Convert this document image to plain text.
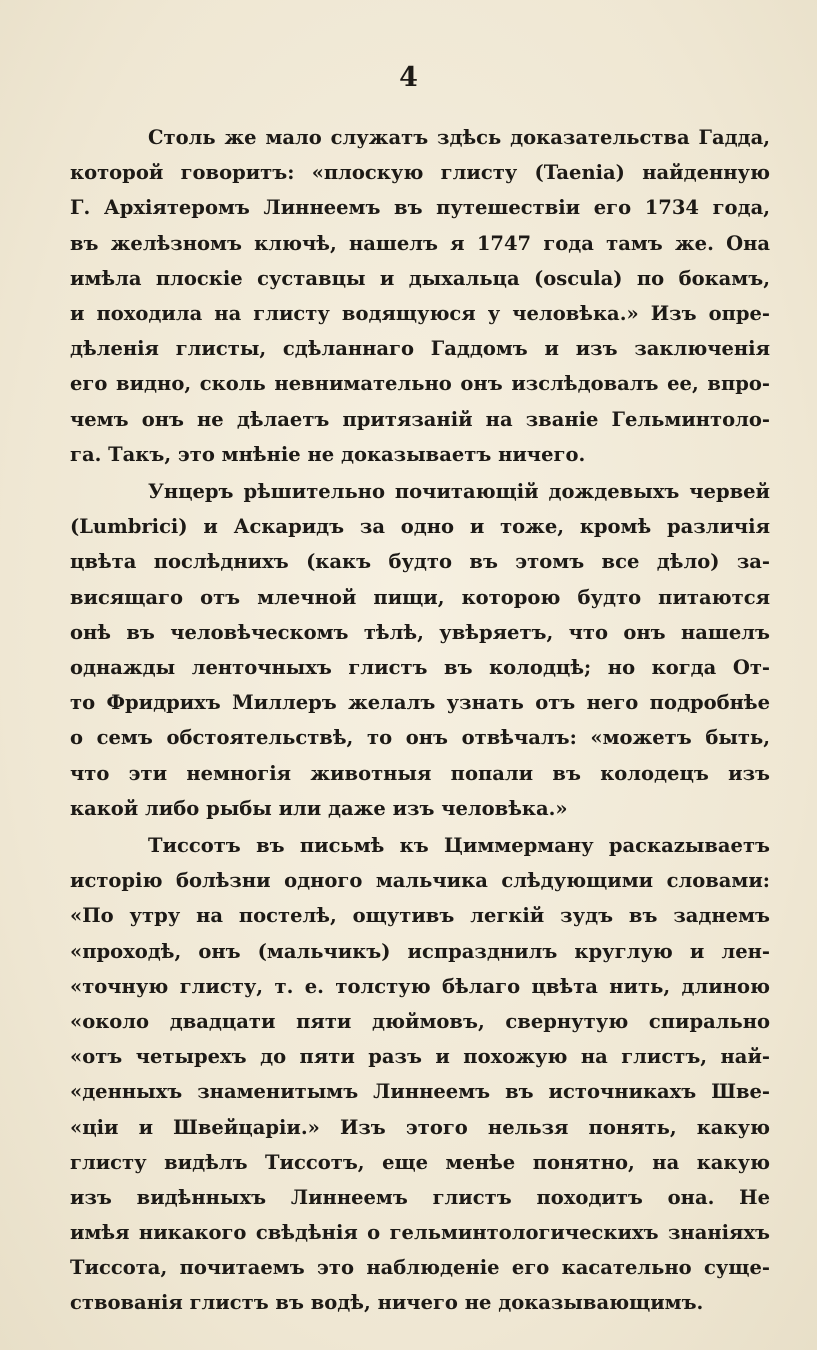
4
Столь же мало служатъ здѣсь доказательства Гадда,
которой говоритъ: «плоскую глисту (Taenia) найденную
Г. Архіятеромъ Линнеемъ въ путешествіи его 1734 года,
въ желѣзномъ ключѣ, нашелъ я 1747 года тамъ же. Она
имѣла плоскіе суставцы и дыхальца (oscula) по бокамъ,
и походила на глисту водящуюся у человѣка.» Изъ опре-
дѣленія глисты, сдѣланнаго Гаддомъ и изъ заключенія
его видно, сколь невнимательно онъ изслѣдовалъ ее, впро-
чемъ онъ не дѣлаетъ притязаній на званіе Гельминтоло-
га. Такъ, это мнѣніе не доказываетъ ничего.
Унцеръ рѣшительно почитающій дождевыхъ червей
(Lumbrici) и Аскаридъ за одно и тоже, кромѣ различія
цвѣта послѣднихъ (какъ будто въ этомъ все дѣло) за-
висящаго отъ млечной пищи, которою будто питаются
онѣ въ человѣческомъ тѣлѣ, увѣряетъ, что онъ нашелъ
однажды ленточныхъ глистъ въ колодцѣ; но когда От-
то Фридрихъ Миллеръ желалъ узнать отъ него подробнѣе
о семъ обстоятельствѣ, то онъ отвѣчалъ: «можетъ быть,
что эти немногія животныя попали въ колодецъ изъ
какой либо рыбы или даже изъ человѣка.»
Тиссотъ въ письмѣ къ Циммерману раскazываетъ
исторію болѣзни одного мальчика слѣдующими словами:
«По утру на постелѣ, ощутивъ легкій зудъ въ заднемъ
«проходѣ, онъ (мальчикъ) испразднилъ круглую и лен-
«точную глисту, т. е. толстую бѣлаго цвѣта нить, длиною
«около двадцати пяти дюймовъ, свернутую спирально
«отъ четырехъ до пяти разъ и похожую на глистъ, най-
«денныхъ знаменитымъ Линнеемъ въ источникахъ Шве-
«ціи и Швейцаріи.» Изъ этого нельзя понять, какую
глисту видѣлъ Тиссотъ, еще менѣе понятно, на какую
изъ видѣнныхъ Линнеемъ глистъ походитъ она. Не
имѣя никакого свѣдѣнія о гельминтологическихъ знаніяхъ
Тиссота, почитаемъ это наблюденіе его касательно суще-
ствованія глистъ въ водѣ, ничего не доказывающимъ.
